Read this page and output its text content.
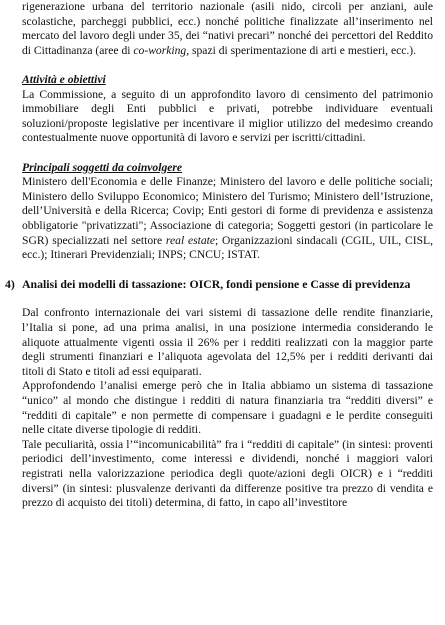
rigenerazione urbana del territorio nazionale (asili nido, circoli per anziani, aule scolastiche, parcheggi pubblici, ecc.) nonché politiche finalizzate all’inserimento nel mercato del lavoro degli under 35, dei “nativi precari” nonché dei percettori del Reddito di Cittadinanza (aree di co-working, spazi di sperimentazione di arti e mestieri, ecc.).

Attività e obiettivi

La Commissione, a seguito di un approfondito lavoro di censimento del patrimonio immobiliare degli Enti pubblici e privati, potrebbe individuare eventuali soluzioni/proposte legislative per incentivare il miglior utilizzo del medesimo creando contestualmente nuove opportunità di lavoro e servizi per iscritti/cittadini.

Principali soggetti da coinvolgere

Ministero dell'Economia e delle Finanze; Ministero del lavoro e delle politiche sociali; Ministero dello Sviluppo Economico; Ministero del Turismo; Ministero dell’Istruzione, dell’Università e della Ricerca; Covip; Enti gestori di forme di previdenza e assistenza obbligatorie "privatizzati"; Associazione di categoria; Soggetti gestori (in particolare le SGR) specializzati nel settore real estate; Organizzazioni sindacali (CGIL, UIL, CISL, ecc.); Itinerari Previdenziali; INPS; CNCU; ISTAT.

4) Analisi dei modelli di tassazione: OICR, fondi pensione e Casse di previdenza

Dal confronto internazionale dei vari sistemi di tassazione delle rendite finanziarie, l’Italia si pone, ad una prima analisi, in una posizione intermedia considerando le aliquote attualmente vigenti ossia il 26% per i redditi realizzati con la maggior parte degli strumenti finanziari e l’aliquota agevolata del 12,5% per i redditi derivanti dai titoli di Stato e titoli ad essi equiparati.

Approfondendo l’analisi emerge però che in Italia abbiamo un sistema di tassazione “unico” al mondo che distingue i redditi di natura finanziaria tra “redditi diversi” e “redditi di capitale” e non permette di compensare i guadagni e le perdite conseguiti nelle citate diverse tipologie di redditi.

Tale peculiarità, ossia l’“incomunicabilità” fra i “redditi di capitale” (in sintesi: proventi periodici dell’investimento, come interessi e dividendi, nonché i maggiori valori registrati nella valorizzazione periodica degli quote/azioni degli OICR) e i “redditi diversi” (in sintesi: plusvalenze derivanti da differenze positive tra prezzo di vendita e prezzo di acquisto dei titoli) determina, di fatto, in capo all’investitore
